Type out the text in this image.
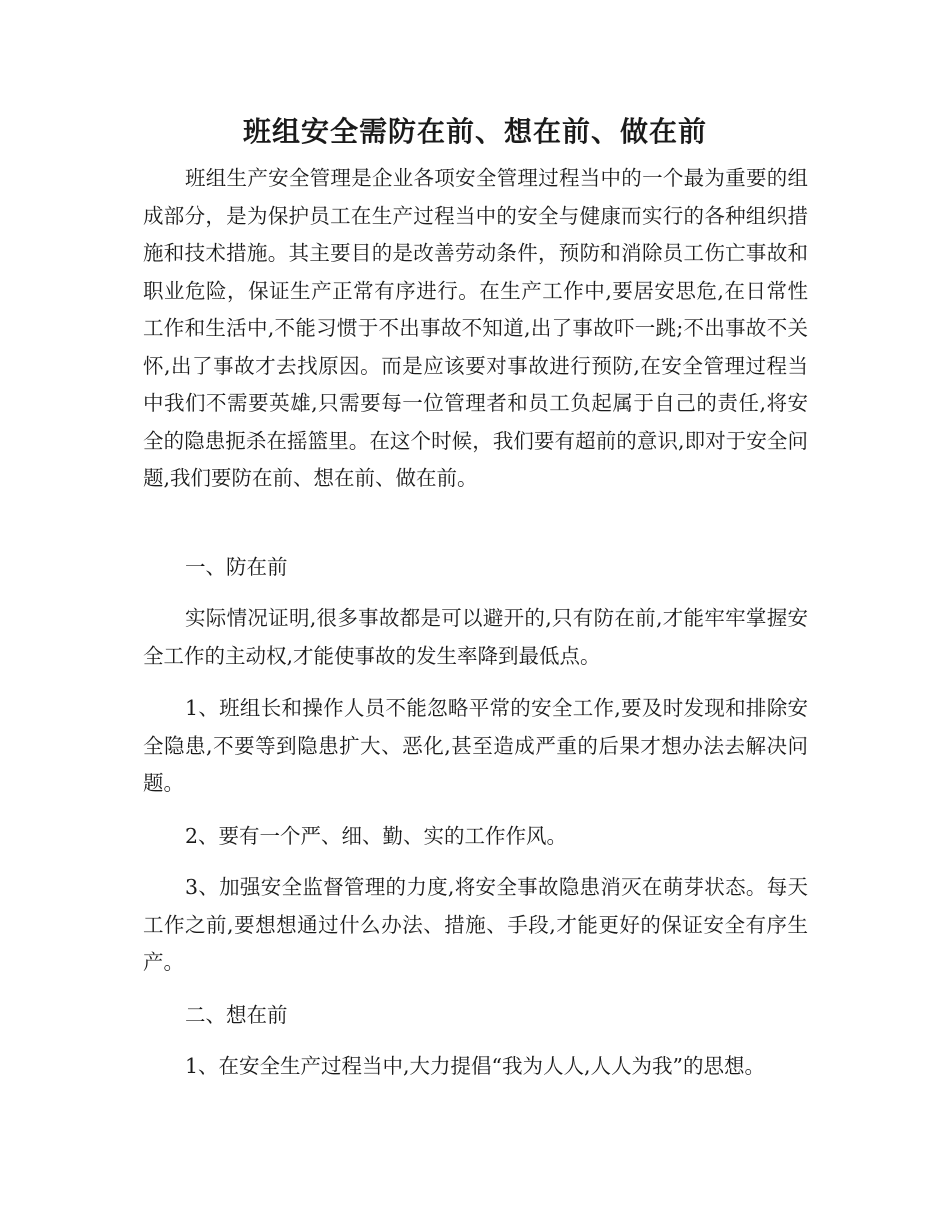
班组安全需防在前、想在前、做在前

班组生产安全管理是企业各项安全管理过程当中的一个最为重要的组成部分，是为保护员工在生产过程当中的安全与健康而实行的各种组织措施和技术措施。其主要目的是改善劳动条件，预防和消除员工伤亡事故和职业危险，保证生产正常有序进行。在生产工作中,要居安思危,在日常性工作和生活中,不能习惯于不出事故不知道,出了事故吓一跳;不出事故不关怀,出了事故才去找原因。而是应该要对事故进行预防,在安全管理过程当中我们不需要英雄,只需要每一位管理者和员工负起属于自己的责任,将安全的隐患扼杀在摇篮里。在这个时候，我们要有超前的意识,即对于安全问题,我们要防在前、想在前、做在前。

一、防在前

实际情况证明,很多事故都是可以避开的,只有防在前,才能牢牢掌握安全工作的主动权,才能使事故的发生率降到最低点。

1、班组长和操作人员不能忽略平常的安全工作,要及时发现和排除安全隐患,不要等到隐患扩大、恶化,甚至造成严重的后果才想办法去解决问题。

2、要有一个严、细、勤、实的工作作风。

3、加强安全监督管理的力度,将安全事故隐患消灭在萌芽状态。每天工作之前,要想想通过什么办法、措施、手段,才能更好的保证安全有序生产。

二、想在前

1、在安全生产过程当中,大力提倡“我为人人,人人为我”的思想。
